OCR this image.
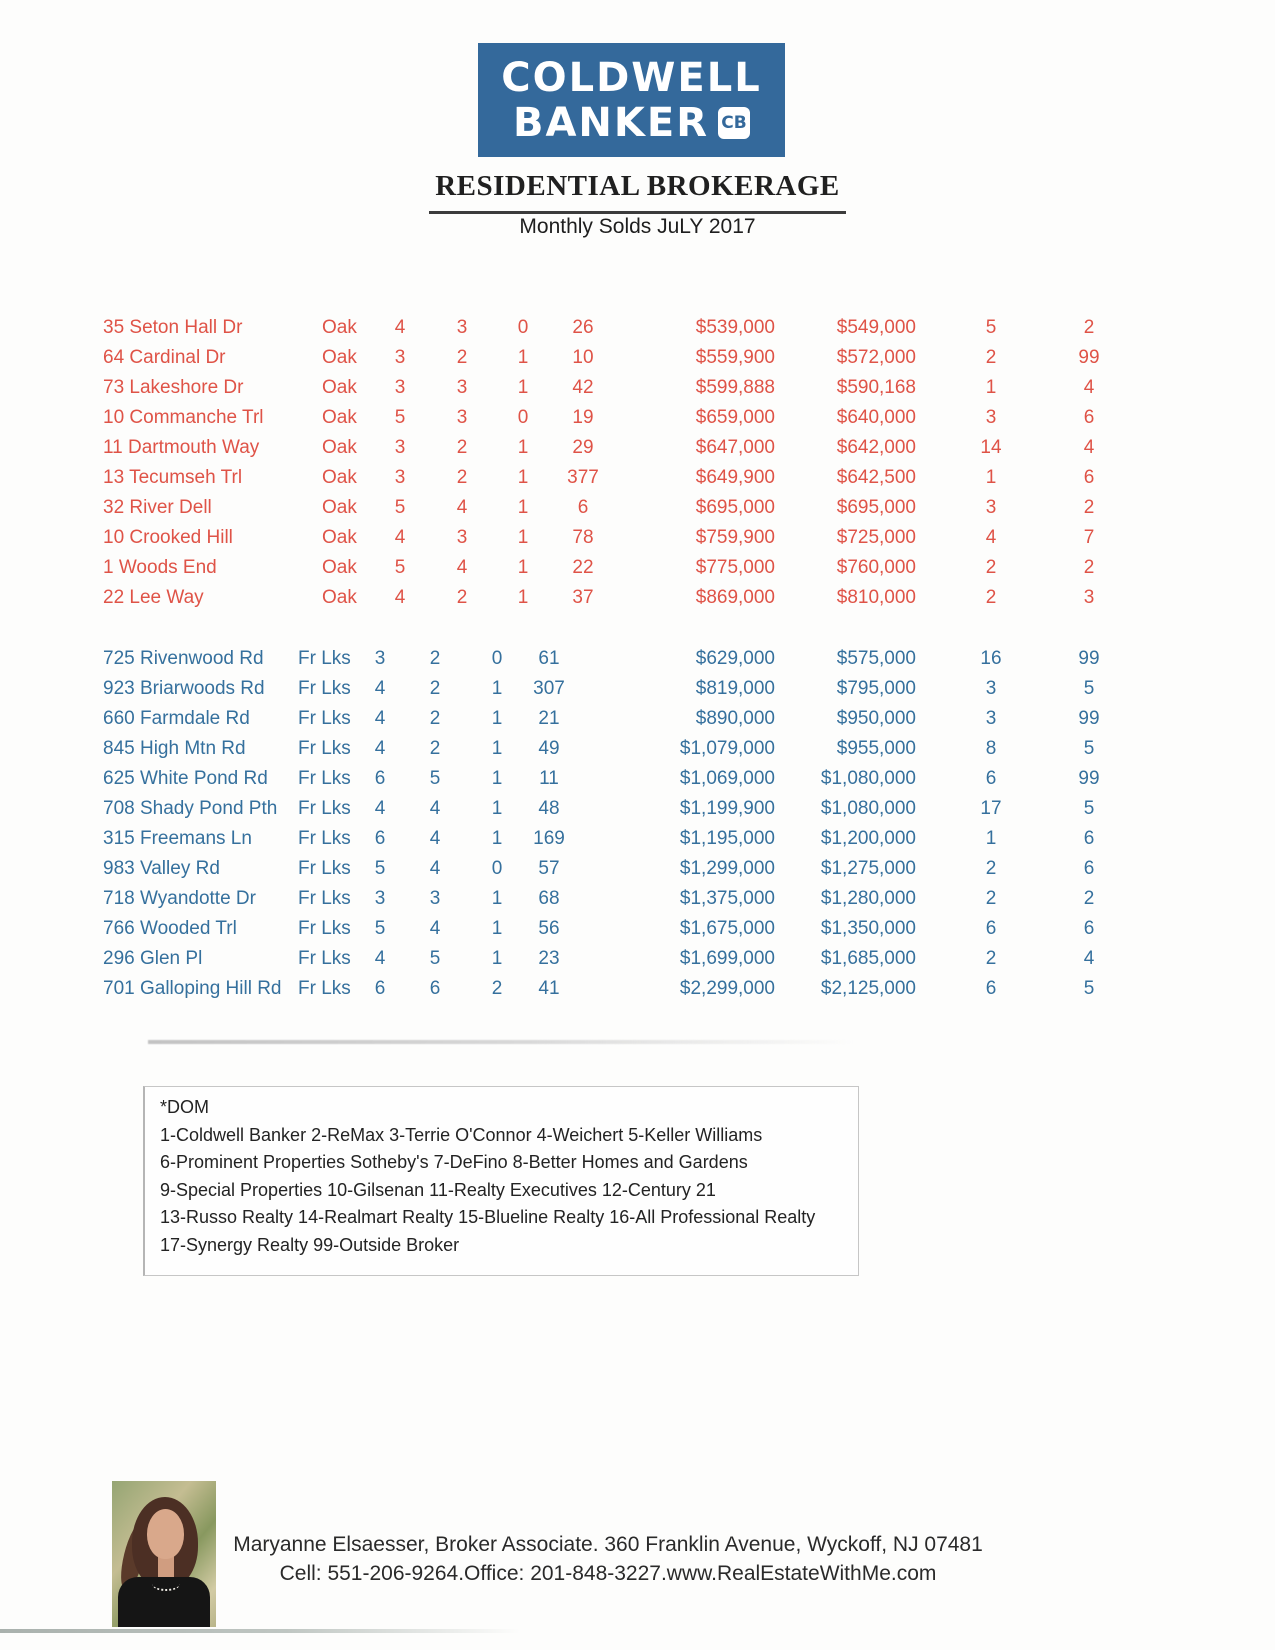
COLDWELL
BANKER CB
RESIDENTIAL BROKERAGE
Monthly Solds JuLY 2017
35 Seton Hall Dr	Oak	4	3	0	26	$539,000	$549,000	5	2
64 Cardinal Dr	Oak	3	2	1	10	$559,900	$572,000	2	99
73 Lakeshore Dr	Oak	3	3	1	42	$599,888	$590,168	1	4
10 Commanche Trl	Oak	5	3	0	19	$659,000	$640,000	3	6
11 Dartmouth Way	Oak	3	2	1	29	$647,000	$642,000	14	4
13 Tecumseh Trl	Oak	3	2	1	377	$649,900	$642,500	1	6
32 River Dell	Oak	5	4	1	6	$695,000	$695,000	3	2
10 Crooked Hill	Oak	4	3	1	78	$759,900	$725,000	4	7
1 Woods End	Oak	5	4	1	22	$775,000	$760,000	2	2
22 Lee Way	Oak	4	2	1	37	$869,000	$810,000	2	3
725 Rivenwood Rd	Fr Lks	3	2	0	61	$629,000	$575,000	16	99
923 Briarwoods Rd	Fr Lks	4	2	1	307	$819,000	$795,000	3	5
660 Farmdale Rd	Fr Lks	4	2	1	21	$890,000	$950,000	3	99
845 High Mtn Rd	Fr Lks	4	2	1	49	$1,079,000	$955,000	8	5
625 White Pond Rd	Fr Lks	6	5	1	11	$1,069,000	$1,080,000	6	99
708 Shady Pond Pth	Fr Lks	4	4	1	48	$1,199,900	$1,080,000	17	5
315 Freemans Ln	Fr Lks	6	4	1	169	$1,195,000	$1,200,000	1	6
983 Valley Rd	Fr Lks	5	4	0	57	$1,299,000	$1,275,000	2	6
718 Wyandotte Dr	Fr Lks	3	3	1	68	$1,375,000	$1,280,000	2	2
766 Wooded Trl	Fr Lks	5	4	1	56	$1,675,000	$1,350,000	6	6
296 Glen Pl	Fr Lks	4	5	1	23	$1,699,000	$1,685,000	2	4
701 Galloping Hill Rd Fr Lks	6	6	2	41	$2,299,000	$2,125,000	6	5
*DOM
1-Coldwell Banker 2-ReMax 3-Terrie O'Connor 4-Weichert 5-Keller Williams
6-Prominent Properties Sotheby's 7-DeFino 8-Better Homes and Gardens
9-Special Properties 10-Gilsenan 11-Realty Executives 12-Century 21
13-Russo Realty 14-Realmart Realty 15-Blueline Realty 16-All Professional Realty
17-Synergy Realty 99-Outside Broker
Maryanne Elsaesser, Broker Associate. 360 Franklin Avenue, Wyckoff, NJ 07481
Cell: 551-206-9264.Office: 201-848-3227.www.RealEstateWithMe.com
